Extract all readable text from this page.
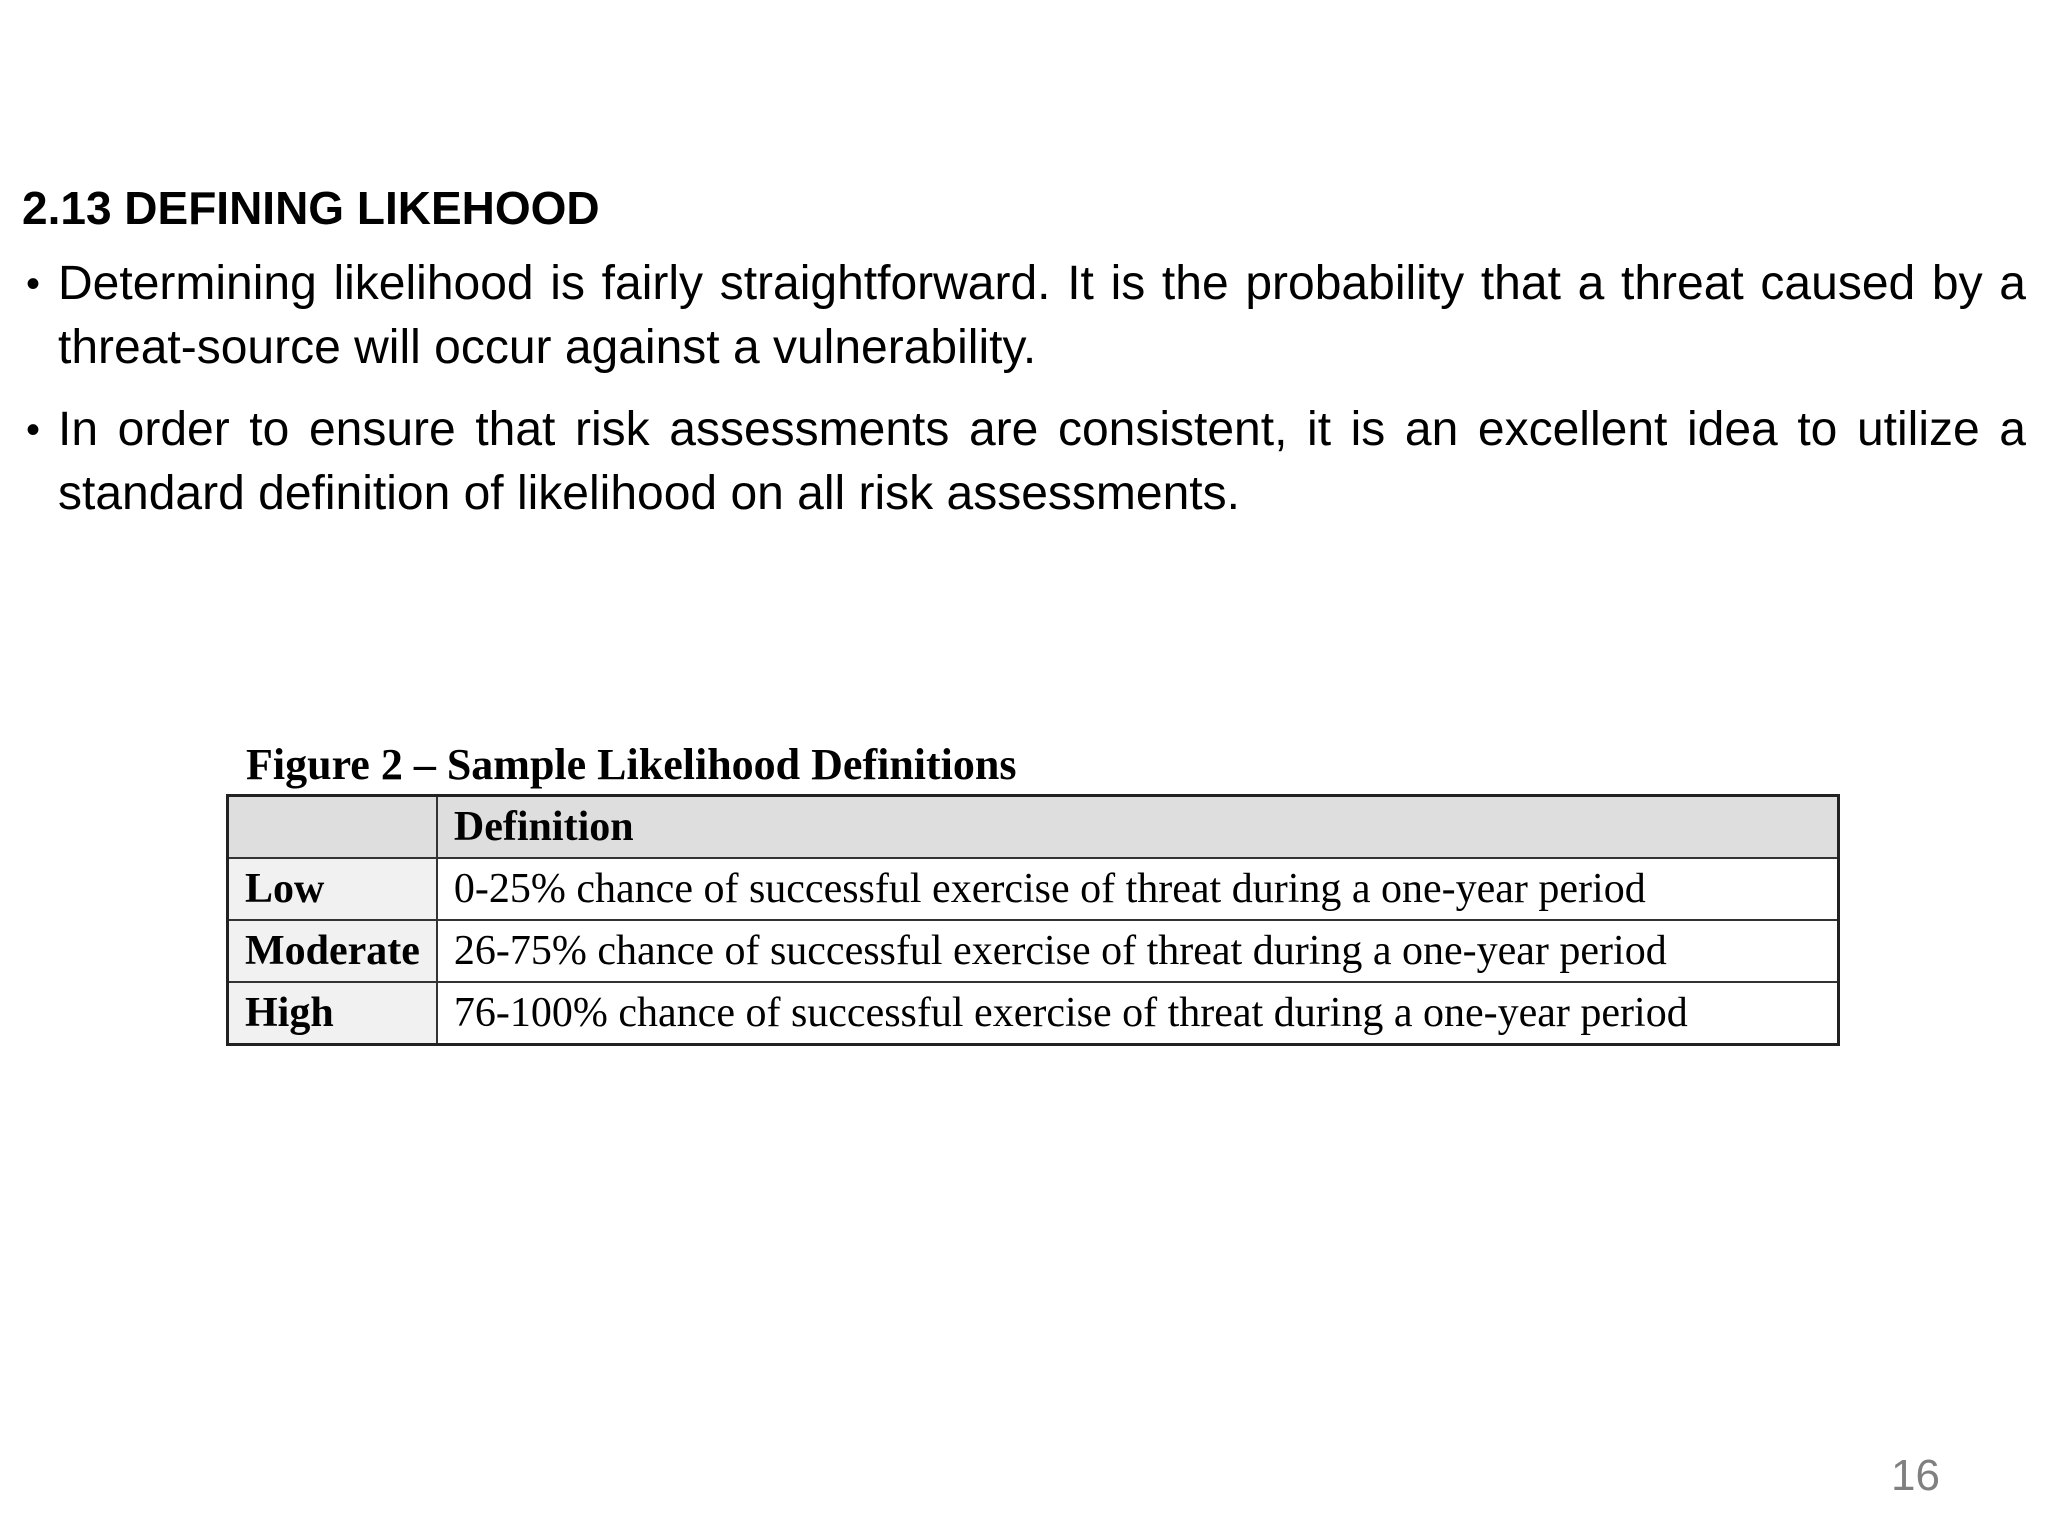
2.13 DEFINING LIKEHOOD
• Determining likelihood is fairly straightforward. It is the probability that a threat caused by a threat-source will occur against a vulnerability.
• In order to ensure that risk assessments are consistent, it is an excellent idea to utilize a standard definition of likelihood on all risk assessments.
Figure 2 – Sample Likelihood Definitions
	Definition
Low	0-25% chance of successful exercise of threat during a one-year period
Moderate	26-75% chance of successful exercise of threat during a one-year period
High	76-100% chance of successful exercise of threat during a one-year period
16
